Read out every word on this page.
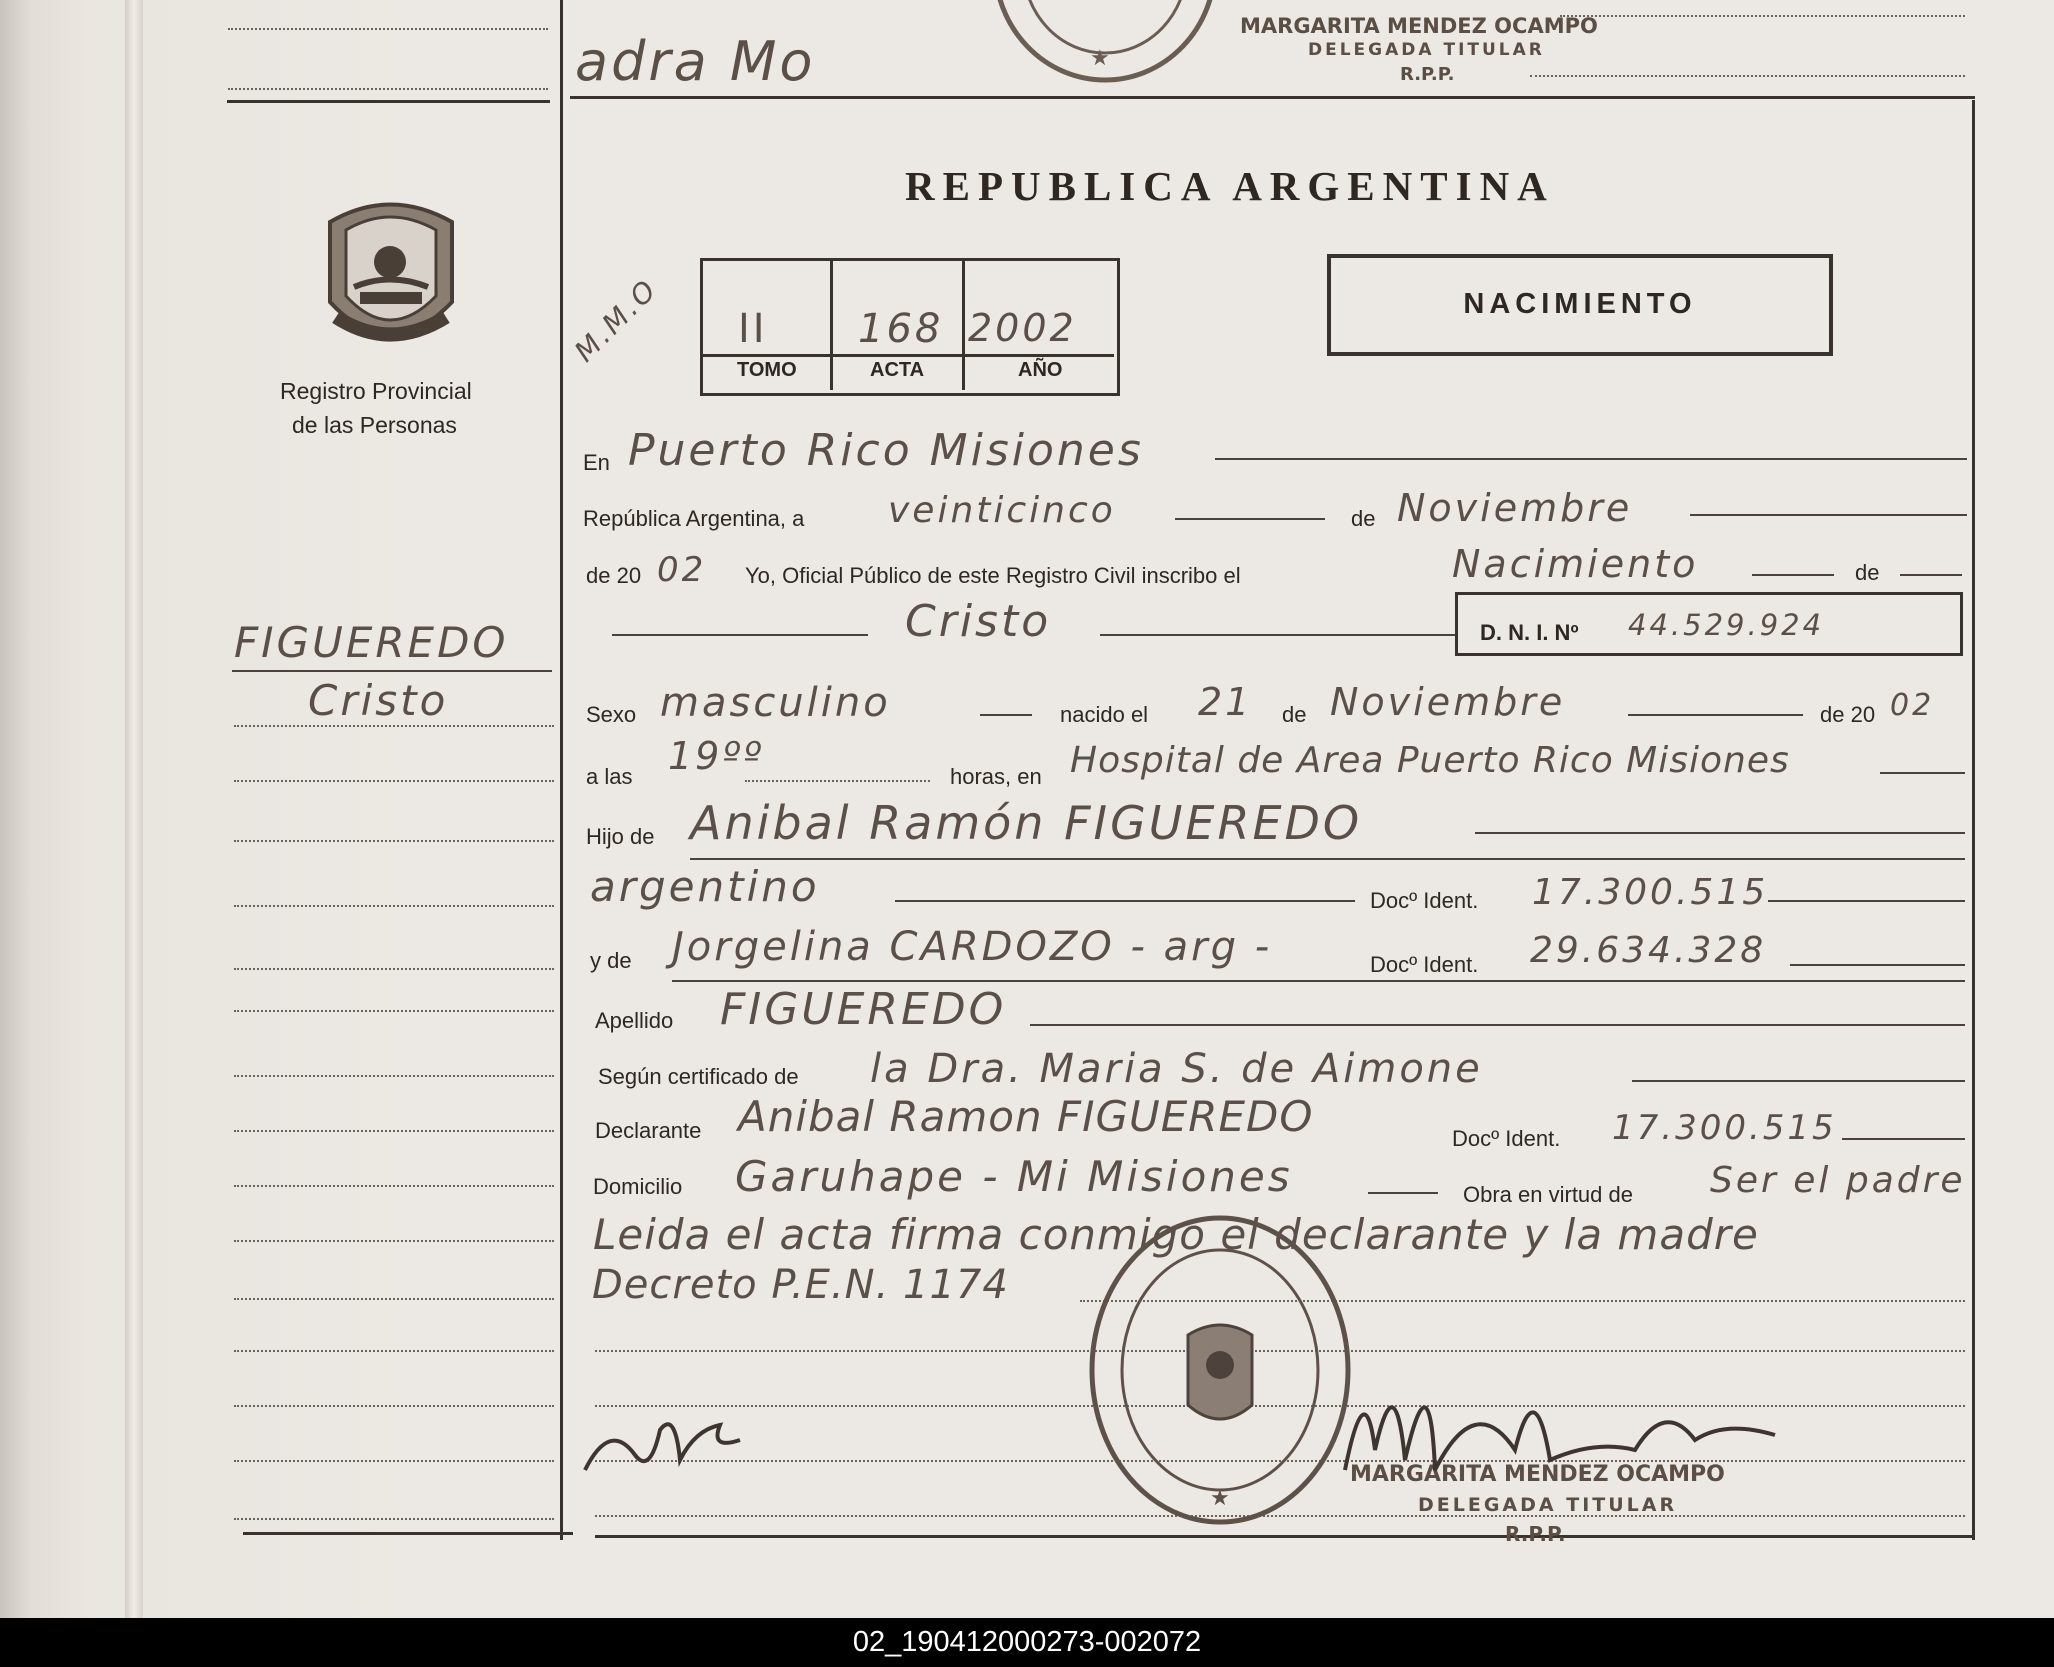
adra Mo	★
MARGARITA MENDEZ OCAMPO
DELEGADA TITULAR
R.P.P.
Registro Provincial
de las Personas
FIGUEREDO
Cristo
REPUBLICA ARGENTINA
NACIMIENTO
M.M.O II 168 2002
TOMO	ACTA	AÑO
En Puerto Rico Misiones
República Argentina, a veinticinco	de Noviembre
de 20 02 Yo, Oficial Público de este Registro Civil inscribo el	Nacimiento	de
Cristo	D. N. I. Nº 44.529.924
Sexo masculino	nacido el 21 de Noviembre	de 20 02
a las 19ºº	horas, en Hospital de Area Puerto Rico Misiones
Hijo de Anibal Ramón FIGUEREDO
argentino	Docº Ident. 17.300.515
y de Jorgelina CARDOZO - arg -	Docº Ident. 29.634.328
Apellido FIGUEREDO
Según certificado de la Dra. Maria S. de Aimone
Declarante Anibal Ramon FIGUEREDO	Docº Ident. 17.300.515
Domicilio Garuhape - Mi Misiones	Obra en virtud de Ser el padre
Leida el acta firma conmigo el declarante y la madre
Decreto P.E.N. 1174
★
MARGARITA MENDEZ OCAMPO
DELEGADA TITULAR
R.P.P.
02_190412000273-002072
